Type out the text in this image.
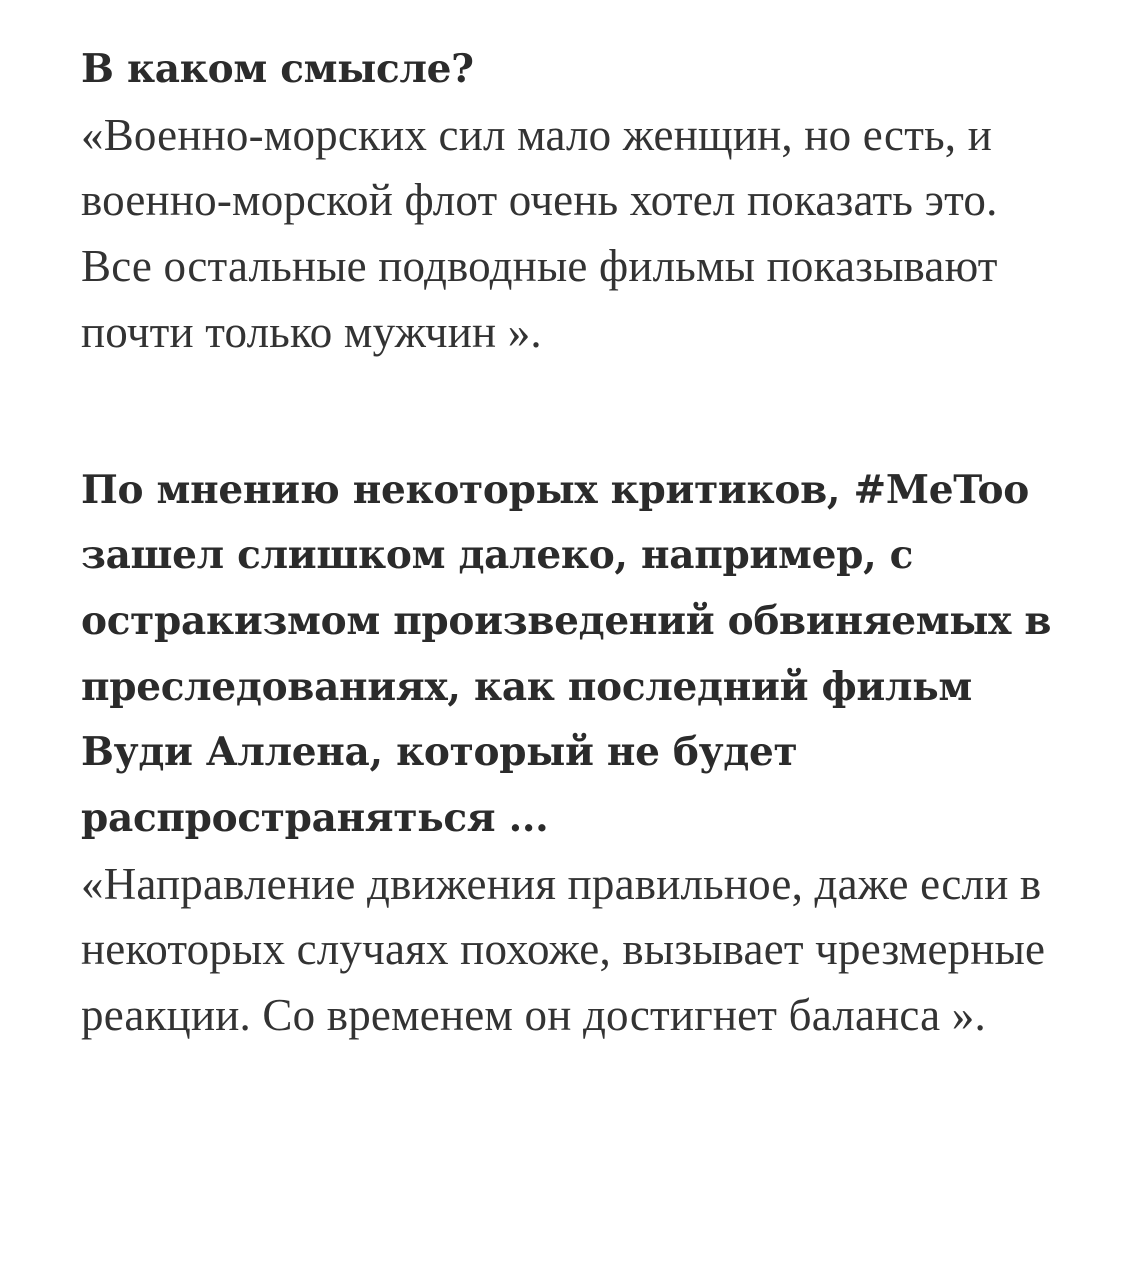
В каком смысле?

«Военно-морских сил мало женщин, но есть, и военно-морской флот очень хотел показать это. Все остальные подводные фильмы показывают почти только мужчин ».

По мнению некоторых критиков, #MeToo зашел слишком далеко, например, с остракизмом произведений обвиняемых в преследованиях, как последний фильм Вуди Аллена, который не будет распространяться ...

«Направление движения правильное, даже если в некоторых случаях похоже, вызывает чрезмерные реакции. Со временем он достигнет баланса ».
